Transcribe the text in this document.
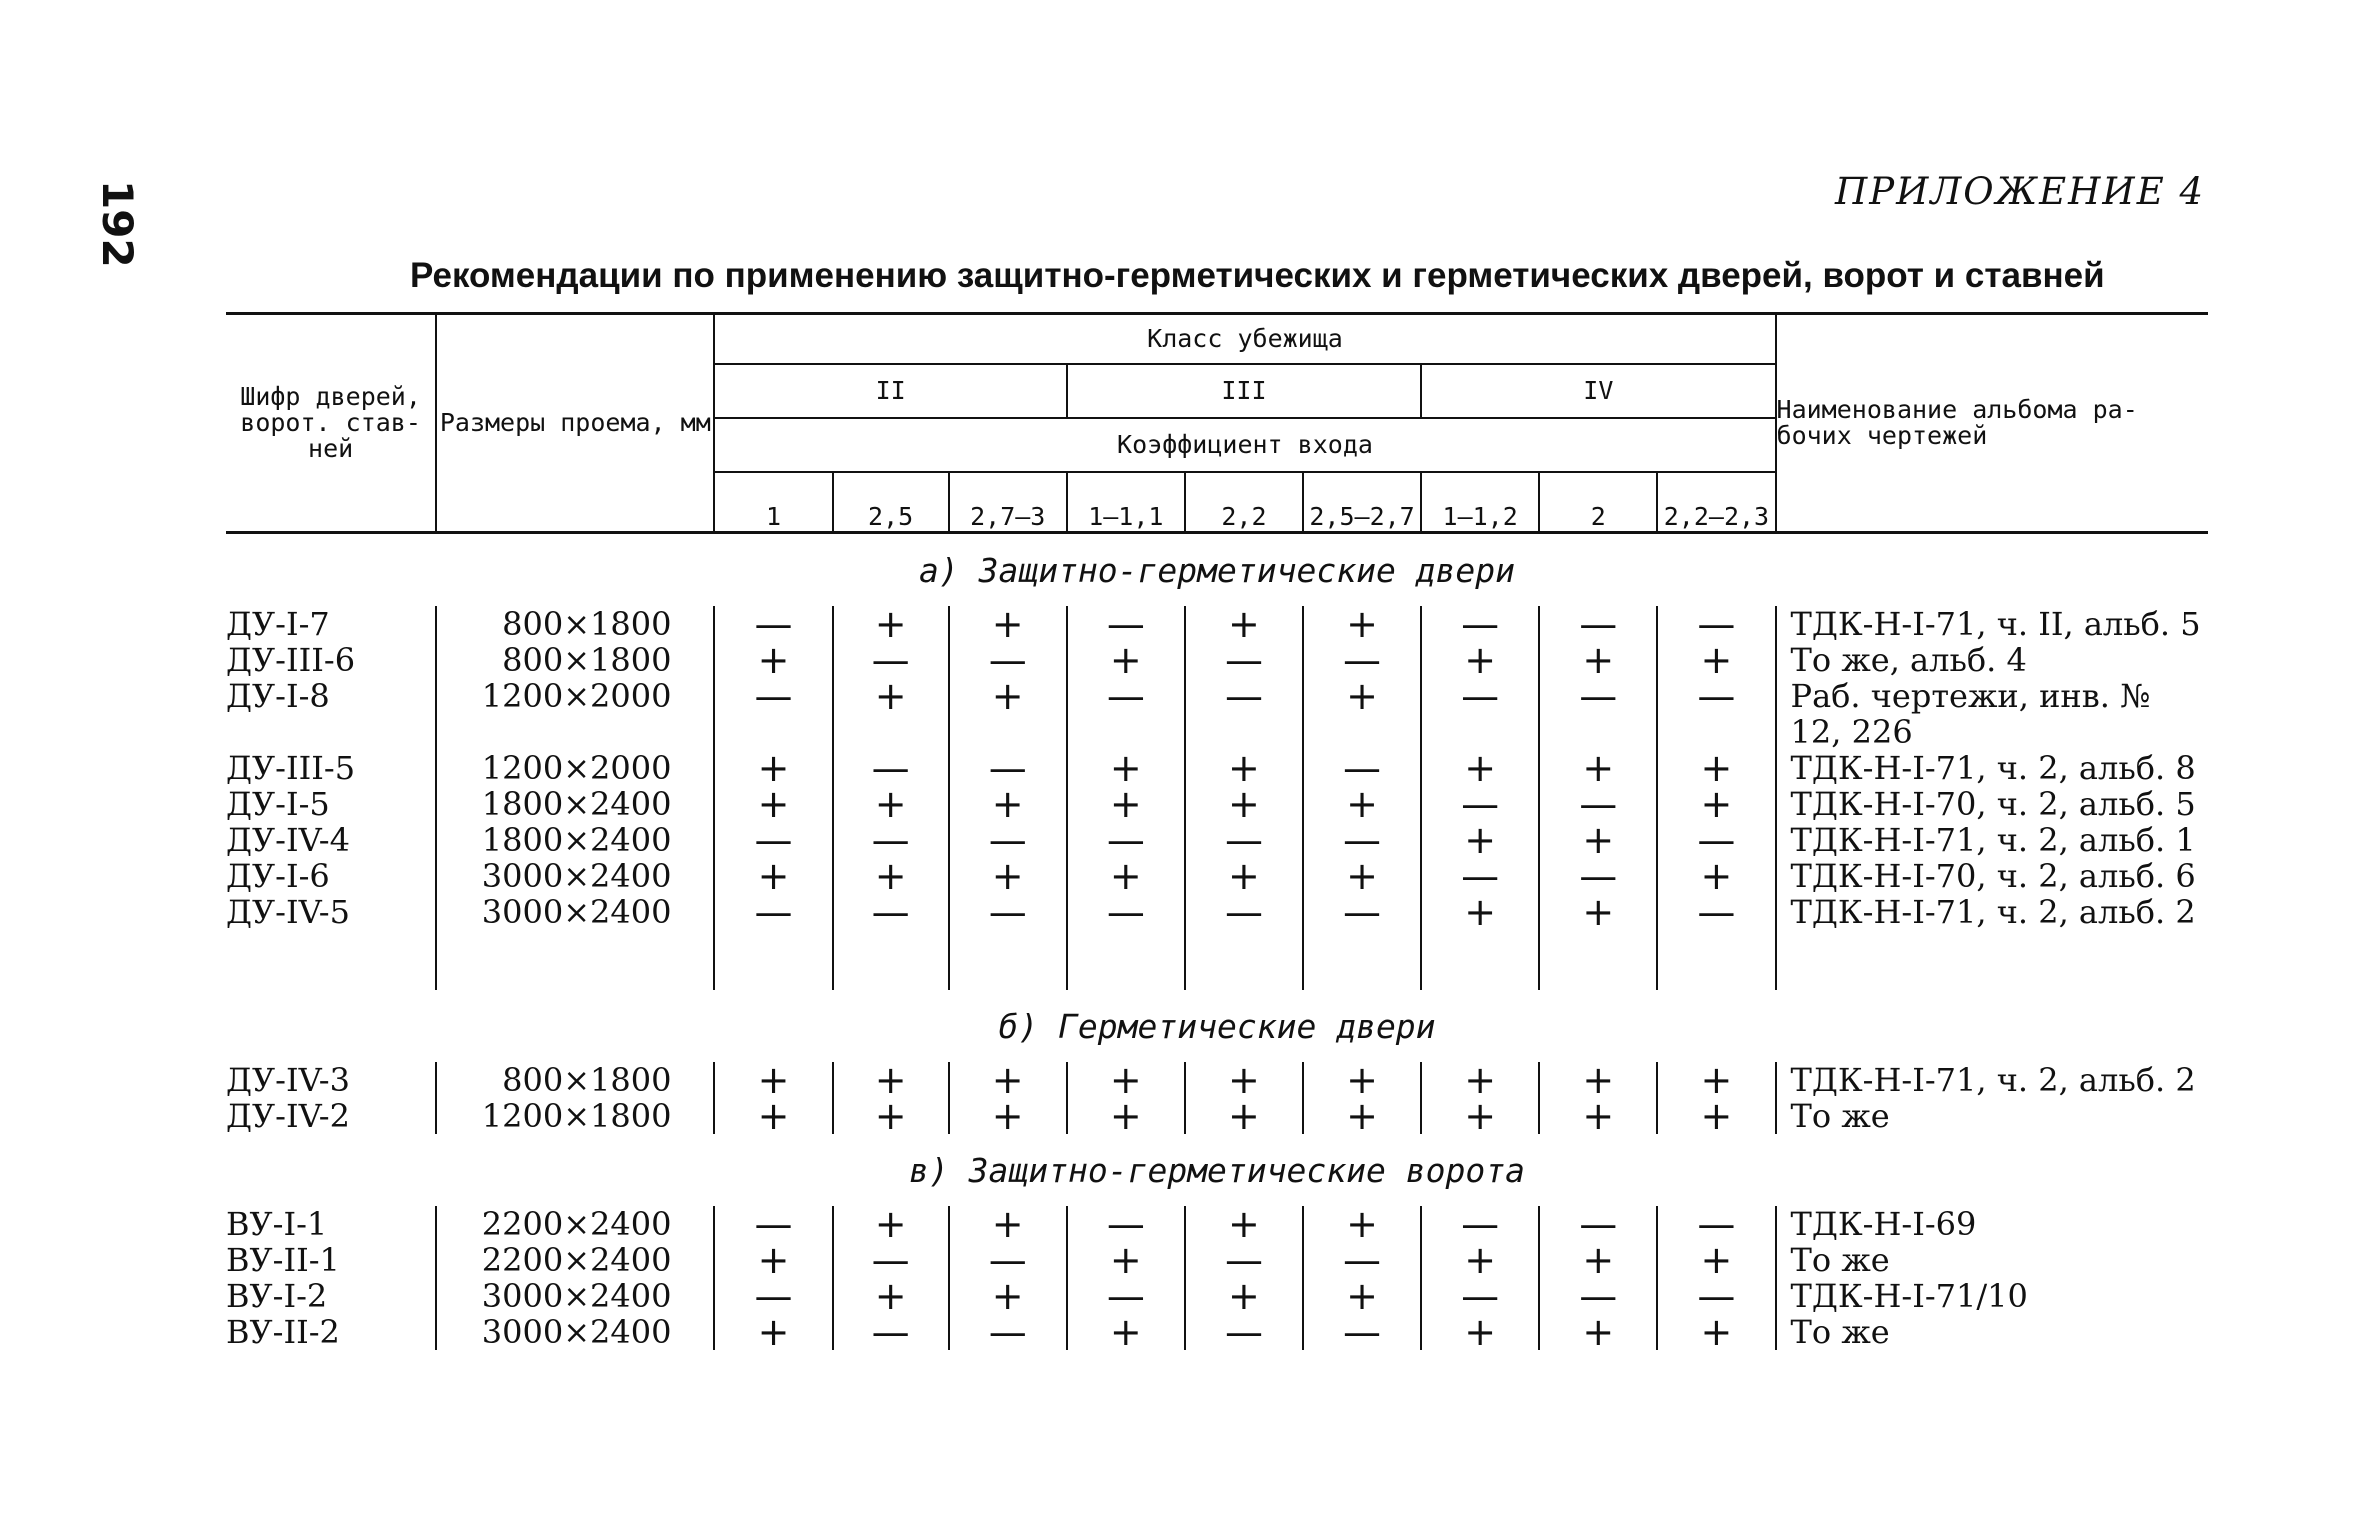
192	ПРИЛОЖЕНИЕ 4
Рекомендации по применению защитно-герметических и герметических дверей, ворот и ставней
Шифр дверей, ворот. став-ней	Размеры проема, мм	Класс убежища									Наименование альбома ра-бочих чертежей
		II			III			IV			
		Коэффициент входа									
		1	2,5	2,7—3	1—1,1	2,2	2,5—2,7	1—1,2	2	2,2—2,3	
а) Защитно-герметические двери											
ДУ-I-7	800×1800	—	+	+	—	+	+	—	—	—	ТДК-Н-I-71, ч. II, альб. 5
ДУ-III-6	800×1800	+	—	—	+	—	—	+	+	+	То же, альб. 4
ДУ-I-8	1200×2000	—	+	+	—	—	+	—	—	—	Раб. чертежи, инв. № 12, 226
ДУ-III-5	1200×2000	+	—	—	+	+	—	+	+	+	ТДК-Н-I-71, ч. 2, альб. 8
ДУ-I-5	1800×2400	+	+	+	+	+	+	—	—	+	ТДК-Н-I-70, ч. 2, альб. 5
ДУ-IV-4	1800×2400	—	—	—	—	—	—	+	+	—	ТДК-Н-I-71, ч. 2, альб. 1
ДУ-I-6	3000×2400	+	+	+	+	+	+	—	—	+	ТДК-Н-I-70, ч. 2, альб. 6
ДУ-IV-5	3000×2400	—	—	—	—	—	—	+	+	—	ТДК-Н-I-71, ч. 2, альб. 2

б) Герметические двери											
ДУ-IV-3	800×1800	+	+	+	+	+	+	+	+	+	ТДК-Н-I-71, ч. 2, альб. 2
ДУ-IV-2	1200×1800	+	+	+	+	+	+	+	+	+	То же
в) Защитно-герметические ворота											
ВУ-I-1	2200×2400	—	+	+	—	+	+	—	—	—	ТДК-Н-I-69
ВУ-II-1	2200×2400	+	—	—	+	—	—	+	+	+	То же
ВУ-I-2	3000×2400	—	+	+	—	+	+	—	—	—	ТДК-Н-I-71/10
ВУ-II-2	3000×2400	+	—	—	+	—	—	+	+	+	То же
